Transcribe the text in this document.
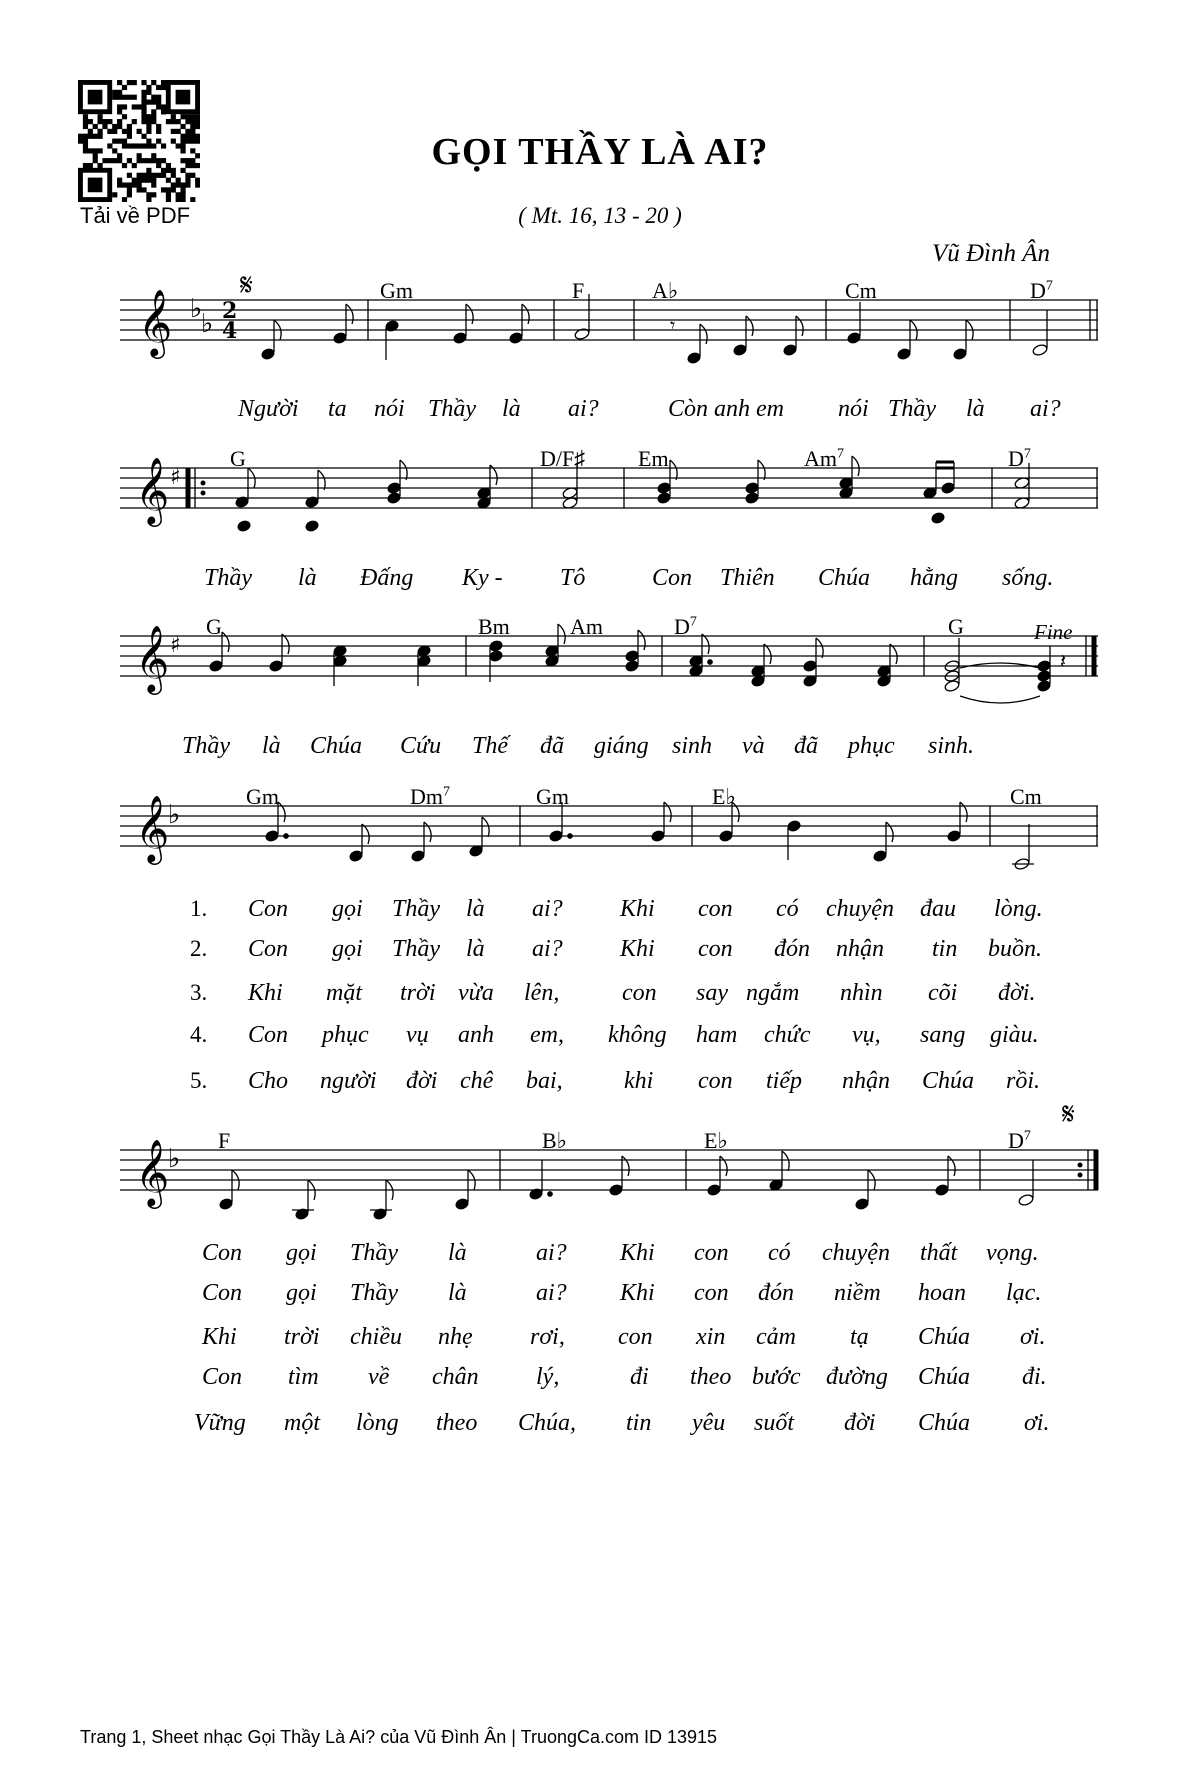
Tải về PDF
GỌI THẦY LÀ AI?
( Mt. 16, 13 - 20 )
Vũ Đình Ân
Gm	F	A♭	Cm	$D^7$
𝄞 ♭
♭ 2
4
𝄋
𝄾
Người ta nói Thầy là ai?	Còn anh em nói Thầy là ai?
G	D/F♯ Em	Am$^7$	$D^7$
𝄞 ♯
Thầy là Đấng Ky - Tô	Con Thiên Chúa hằng sống.
G	Bm	Am	$D^7$	G	Fine
𝄞 ♯
𝄽
Thầy là Chúa Cứu Thế đã giáng sinh và đã phục sinh.
Gm	Dm$^7$	Gm	E♭	Cm
𝄞
♭
1.
2.
3.
4.
5.
Con gọi Thầy là ai? Khi con có chuyện đau lòng.
Con gọi Thầy là ai? Khi con đón nhận tin buồn.
Khi mặt trời vừa lên,	con say ngắm nhìn cõi đời.
Con phục vụ anh em, không ham chức vụ, sang giàu.
Cho người đời chê bai,	khi con tiếp nhận Chúa rồi.
F	B♭	E♭	$D^7$
𝄞
♭
𝄋
Con gọi Thầy là	ai? Khi con có chuyện thất vọng.
Con gọi Thầy là	ai? Khi con đón niềm hoan lạc.
Khi trời chiều nhẹ rơi, con xin cảm tạ Chúa ơi.
Con tìm về chân lý,	đi theo bước đường Chúa đi.
Vững một lòng theo Chúa, tin yêu suốt đời Chúa ơi.
Trang 1, Sheet nhạc Gọi Thầy Là Ai? của Vũ Đình Ân | TruongCa.com ID 13915
